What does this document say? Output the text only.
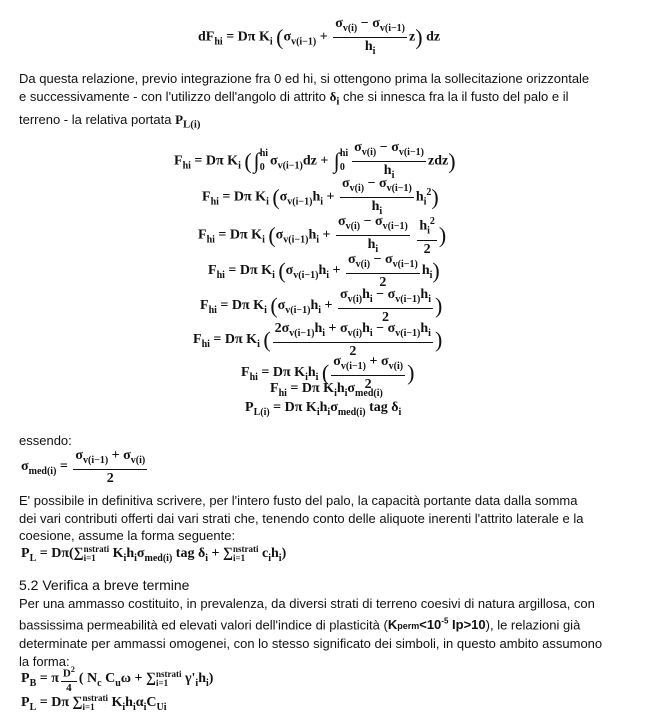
$dF_{hi} = D\pi$ $K_i$ $(\sigma_{v(i-1)} + \frac{\sigma_{v(i)} - \sigma_{v(i-1)}}{h_i} z)$ dz
Da questa relazione, previo integrazione fra 0 ed hi, si ottengono prima la sollecitazione orizzontale
e successivamente - con l'utilizzo dell'angolo di attrito $\delta_i$ che si innesca fra la il fusto del palo e il
terreno - la relativa portata $P_{L(i)}$
$F_{hi} = D\pi$ $K_i$ (∫ hi
0 $\sigma_{v(i-1)}dz$ + ∫ hi
$0 \frac{\sigma_{v(i)} - \sigma_{v(i-1)}}{h_i} zdz$)
$F_{hi} = D\pi$ $K_i$ $(\sigma_{v(i-1)}h_i + \frac{\sigma_{v(i)} - \sigma_{v(i-1)}}{h_i} h_i^2)$
$F_{hi} = D\pi$ $K_i$ ($\sigma_{v(i-1)}h_i + \frac{\sigma_{v(i)} - \sigma_{v(i-1)}}{h_i}$
$\frac{h_i^2}{2}$ )
$F_{hi} = D\pi$ $K_i$ $(\sigma_{v(i-1)}h_i + \frac{\sigma_{v(i)} - \sigma_{v(i-1)}}{2} h_i)$
$F_{hi} = D\pi$ $K_i$ ($\sigma_{v(i-1)}h_i + \frac{\sigma_{v(i)}h_i - \sigma_{v(i-1)}h_i}{2}$ )
$F_{hi} = D\pi$ $K_i$ ( $\frac{2\sigma_{v(i-1)}h_i + \sigma_{v(i)}h_i - \sigma_{v(i-1)}h_i}{2}$ )
$F_{hi} = D\pi$ $K_ih_i$ ( $\frac{\sigma_{v(i-1)} + \sigma_{v(i)}}{2}$ )
$F_{hi} = D\pi$ $K_ih_i\sigma_{med(i)}$
$P_{L(i)} = D\pi$ $K_ih_i\sigma_{med(i)}$ tag $\delta_i$
essendo:
$\sigma_{med(i)} = \frac{\sigma_{v(i-1)} + \sigma_{v(i)}}{2}$
E' possibile in definitiva scrivere, per l'intero fusto del palo, la capacità portante data dalla somma
dei vari contributi offerti dai vari strati che, tenendo conto delle aliquote inerenti l'attrito laterale e la
coesione, assume la forma seguente:
$P_L = D\pi(\sum$ nstrati
i=1 $K_ih_i\sigma_{med(i)}$ tag $\delta_i$ + ∑ nstrati
i=1 $c_ih_i$)
5.2 Verifica a breve termine
Per una ammasso costituito, in prevalenza, da diversi strati di terreno coesivi di natura argillosa, con
bassissima permeabilità ed elevati valori dell'indice di plasticità ($Kperm<10^{-5}$ Ip>10), le relazioni già
determinate per ammassi omogenei, con lo stesso significato dei simboli, in questo ambito assumono
la forma:
$P_B = \pi \frac{D^2}{4}$ ( $N_c$ $C_u\omega$ + ∑ nstrati
i=1 $\gamma'_ih_i$)
$P_L = D\pi$ ∑ nstrati
i=1 $K_ih_i\alpha_iC_{Ui}$
